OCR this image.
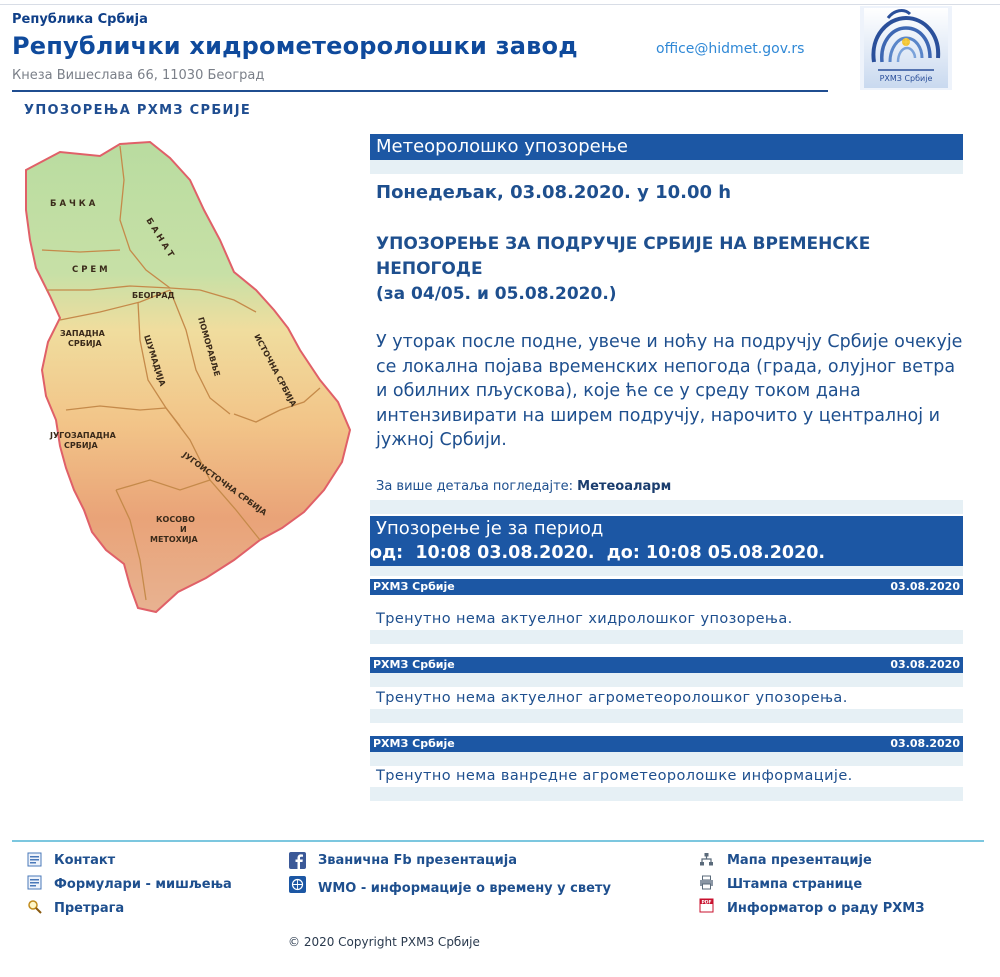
Република Србија
Републички хидрометеоролошки завод
Кнеза Вишеслава 66, 11030 Београд
office@hidmet.gov.rs
РХМЗ Србије
УПОЗОРЕЊА РХМЗ СРБИЈЕ
Б А Ч К А
Б А Н А Т
С Р Е М
БЕОГРАД
ЗАПАДНА
СРБИЈА	ШУМАДИЈА	ПОМОРАВЉЕ	ИСТОЧНА СРБИЈА
ЈУГОЗАПАДНА
СРБИЈА
ЈУГОИСТОЧНА СРБИЈА
КОСОВО
И
МЕТОХИЈА
Метеоролошко упозорење
Понедељак, 03.08.2020. у 10.00 h
УПОЗОРЕЊЕ ЗА ПОДРУЧЈЕ СРБИЈЕ НА ВРЕМЕНСКЕ
НЕПОГОДЕ
(за 04/05. и 05.08.2020.)
У уторак после подне, увече и ноћу на подручју Србије очекује се локална појава временских непогода (града, олујног ветра и обилних пљускова), које ће се у среду током дана интензивирати на ширем подручју, нарочито у централној и јужној Србији.
За више детаља погледајте: Метеоаларм
Упозорење је за период
од:  10:08 03.08.2020.  до: 10:08 05.08.2020.
РХМЗ Србије	03.08.2020
Тренутно нема актуелног хидролошког упозорења.
РХМЗ Србије	03.08.2020
Тренутно нема актуелног агрометеоролошког упозорења.
РХМЗ Србије	03.08.2020
Тренутно нема ванредне агрометеоролошке информације.
Контакт
Формулари - мишљења
Претрага
Званична Fb презентација
WMO - информације о времену у свету
Мапа презентације
Штампа странице
PDF Информатор о раду РХМЗ
© 2020 Copyright РХМЗ Србије
